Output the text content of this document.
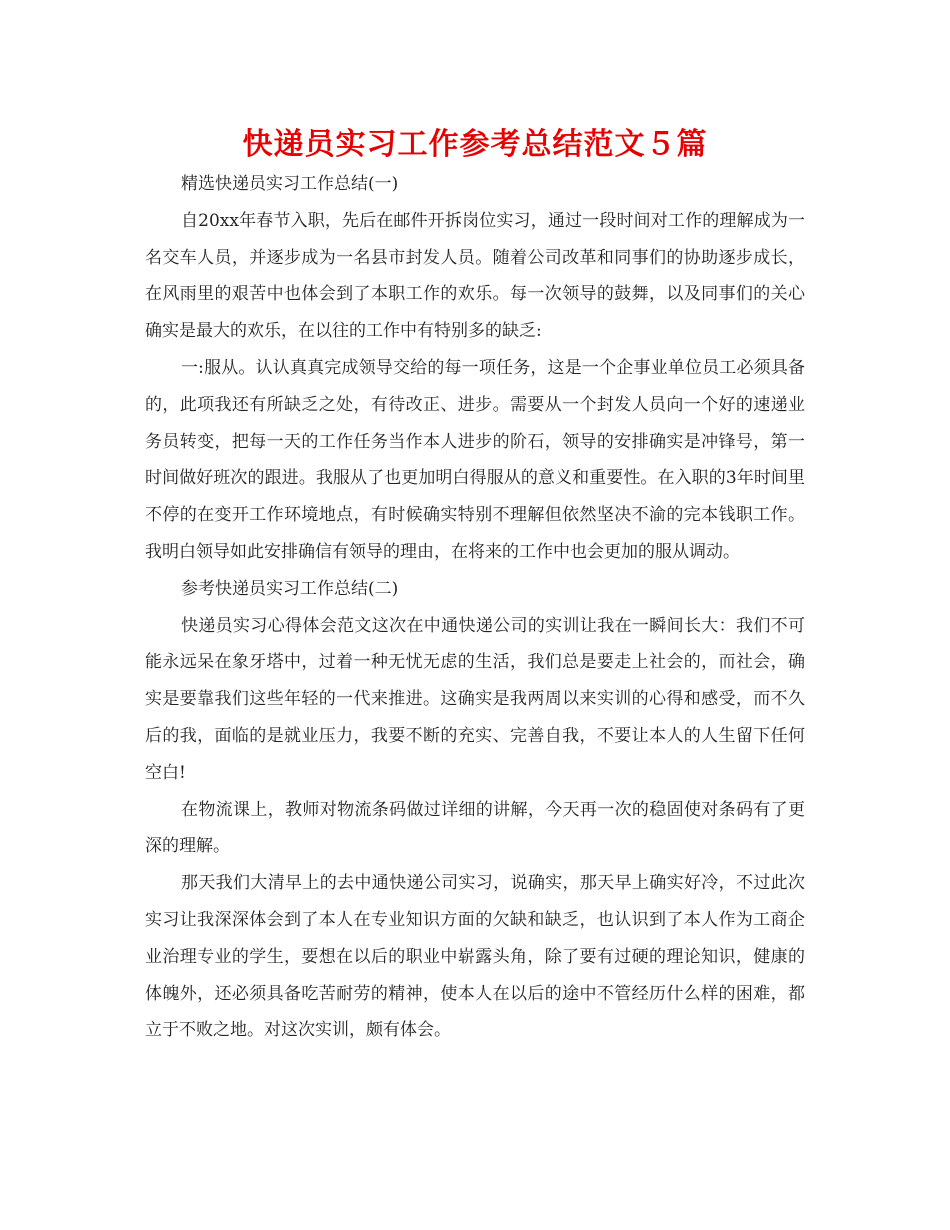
快递员实习工作参考总结范文５篇

精选快递员实习工作总结(一)

自20xx年春节入职，先后在邮件开拆岗位实习，通过一段时间对工作的理解成为一名交车人员，并逐步成为一名县市封发人员。随着公司改革和同事们的协助逐步成长，在风雨里的艰苦中也体会到了本职工作的欢乐。每一次领导的鼓舞，以及同事们的关心确实是最大的欢乐，在以往的工作中有特别多的缺乏:

一:服从。认认真真完成领导交给的每一项任务，这是一个企事业单位员工必须具备的，此项我还有所缺乏之处，有待改正、进步。需要从一个封发人员向一个好的速递业务员转变，把每一天的工作任务当作本人进步的阶石，领导的安排确实是冲锋号，第一时间做好班次的跟进。我服从了也更加明白得服从的意义和重要性。在入职的3年时间里不停的在变开工作环境地点，有时候确实特别不理解但依然坚决不渝的完本钱职工作。我明白领导如此安排确信有领导的理由，在将来的工作中也会更加的服从调动。

参考快递员实习工作总结(二)

快递员实习心得体会范文这次在中通快递公司的实训让我在一瞬间长大：我们不可能永远呆在象牙塔中，过着一种无忧无虑的生活，我们总是要走上社会的，而社会，确实是要靠我们这些年轻的一代来推进。这确实是我两周以来实训的心得和感受，而不久后的我，面临的是就业压力，我要不断的充实、完善自我，不要让本人的人生留下任何空白!

在物流课上，教师对物流条码做过详细的讲解，今天再一次的稳固使对条码有了更深的理解。

那天我们大清早上的去中通快递公司实习，说确实，那天早上确实好冷，不过此次实习让我深深体会到了本人在专业知识方面的欠缺和缺乏，也认识到了本人作为工商企业治理专业的学生，要想在以后的职业中崭露头角，除了要有过硬的理论知识，健康的体魄外，还必须具备吃苦耐劳的精神，使本人在以后的途中不管经历什么样的困难，都立于不败之地。对这次实训，颇有体会。
